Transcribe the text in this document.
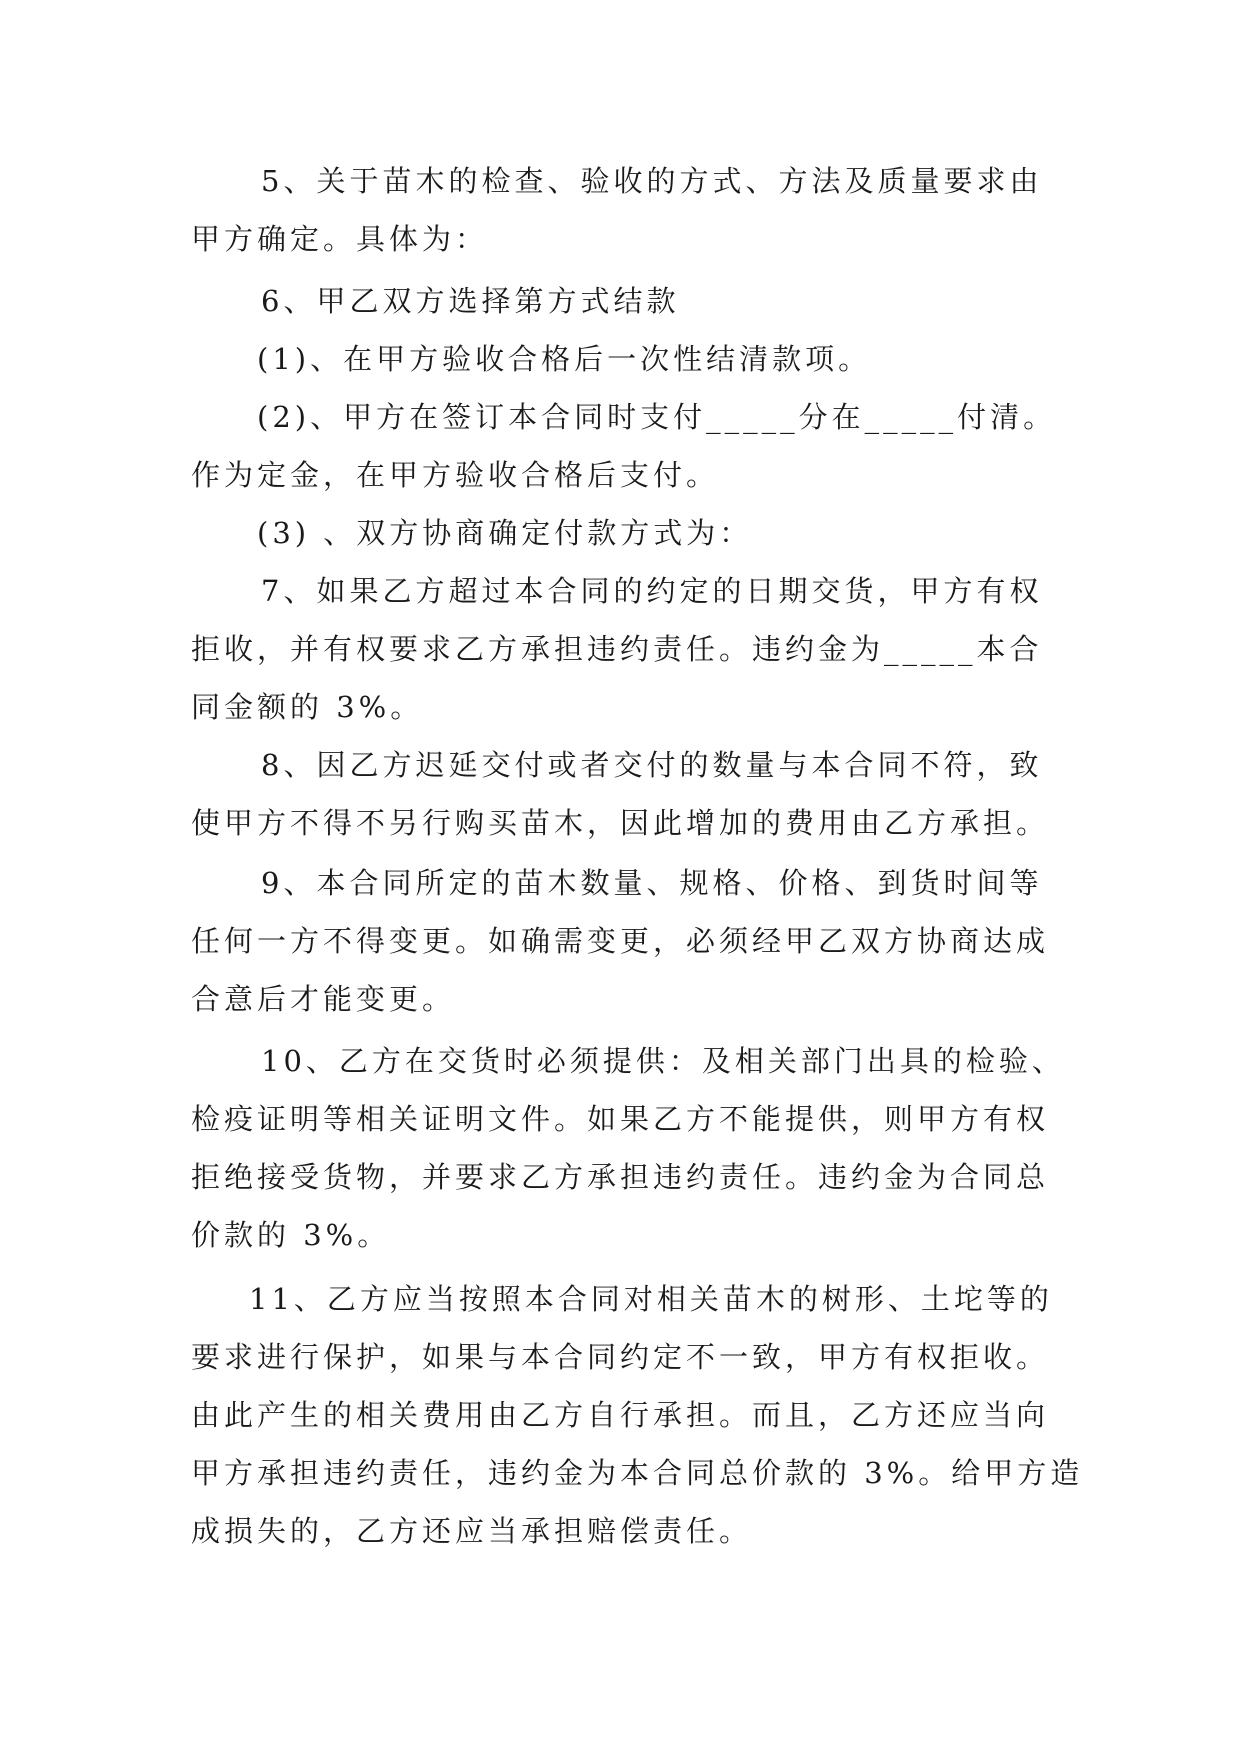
5、关于苗木的检查、验收的方式、方法及质量要求由
甲方确定。具体为：
6、甲乙双方选择第方式结款
(1)、在甲方验收合格后一次性结清款项。
(2)、甲方在签订本合同时支付_____分在_____付清。
作为定金，在甲方验收合格后支付。
(3) 、双方协商确定付款方式为：
7、如果乙方超过本合同的约定的日期交货，甲方有权
拒收，并有权要求乙方承担违约责任。违约金为_____本合
同金额的 3%。
8、因乙方迟延交付或者交付的数量与本合同不符，致
使甲方不得不另行购买苗木，因此增加的费用由乙方承担。
9、本合同所定的苗木数量、规格、价格、到货时间等
任何一方不得变更。如确需变更，必须经甲乙双方协商达成
合意后才能变更。
10、乙方在交货时必须提供：及相关部门出具的检验、
检疫证明等相关证明文件。如果乙方不能提供，则甲方有权
拒绝接受货物，并要求乙方承担违约责任。违约金为合同总
价款的 3%。
11、乙方应当按照本合同对相关苗木的树形、土坨等的
要求进行保护，如果与本合同约定不一致，甲方有权拒收。
由此产生的相关费用由乙方自行承担。而且，乙方还应当向
甲方承担违约责任，违约金为本合同总价款的 3%。给甲方造
成损失的，乙方还应当承担赔偿责任。
